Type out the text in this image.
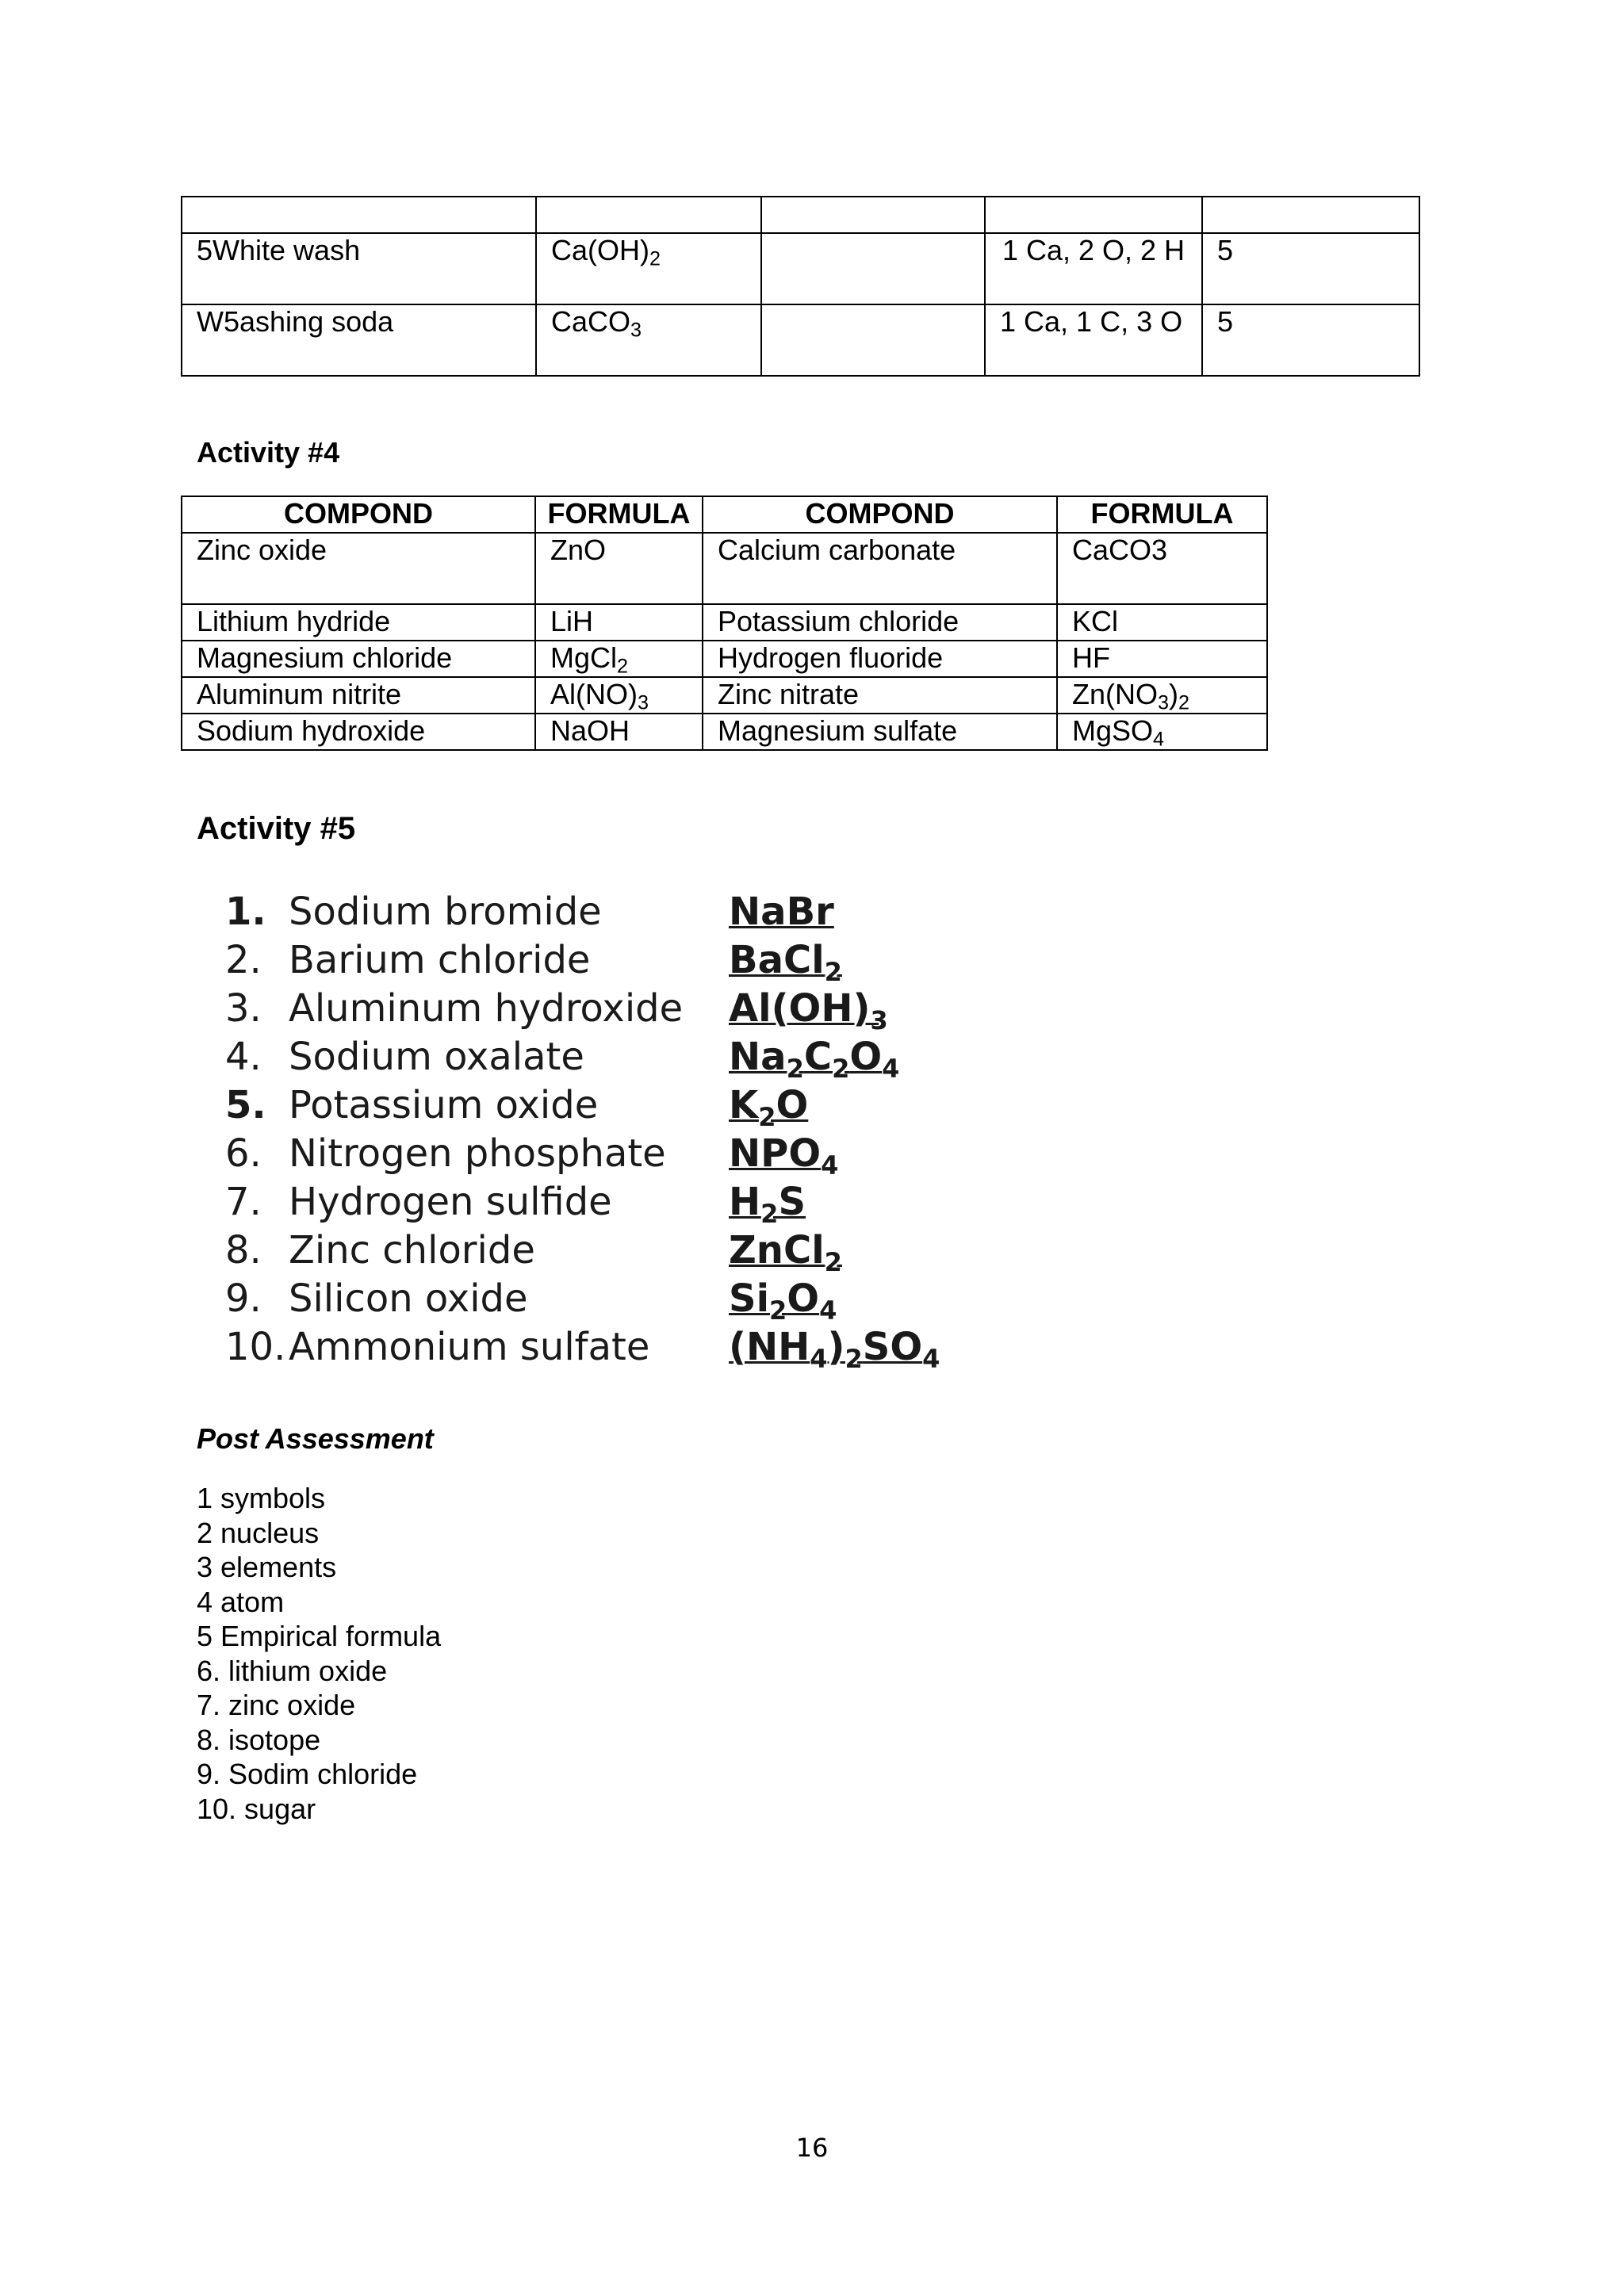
5White wash	$Ca(OH)_2$		1 Ca, 2 O, 2 H	5
W5ashing soda	CaCO$_3$		1 Ca, 1 C, 3 O	5
Activity #4
COMPOND	FORMULA	COMPOND	FORMULA
Zinc oxide	ZnO	Calcium carbonate	CaCO3
Lithium hydride	LiH	Potassium chloride	KCl
Magnesium chloride	MgCl$_2$	Hydrogen fluoride	HF
Aluminum nitrite	$Al(NO)_3$	Zinc nitrate	$Zn(NO_3)_2$
Sodium hydroxide	NaOH	Magnesium sulfate	MgSO$_4$
Activity #5
1. Sodium bromide	NaBr
2. Barium chloride	BaCl$_2$
3. Aluminum hydroxide $Al(OH)_3$
4. Sodium oxalate	$Na_2C_2O_4$
5. Potassium oxide	$K_2O$
6. Nitrogen phosphate $NPO_4$
7. Hydrogen sulfide	$H_2S$
8. Zinc chloride	ZnCl$_2$
9. Silicon oxide	$Si_2O_4$
10. Ammonium sulfate $(NH_4)_2SO_4$
Post Assessment
1 symbols
2 nucleus
3 elements
4 atom
5 Empirical formula
6. lithium oxide
7. zinc oxide
8. isotope
9. Sodim chloride
10. sugar
16
